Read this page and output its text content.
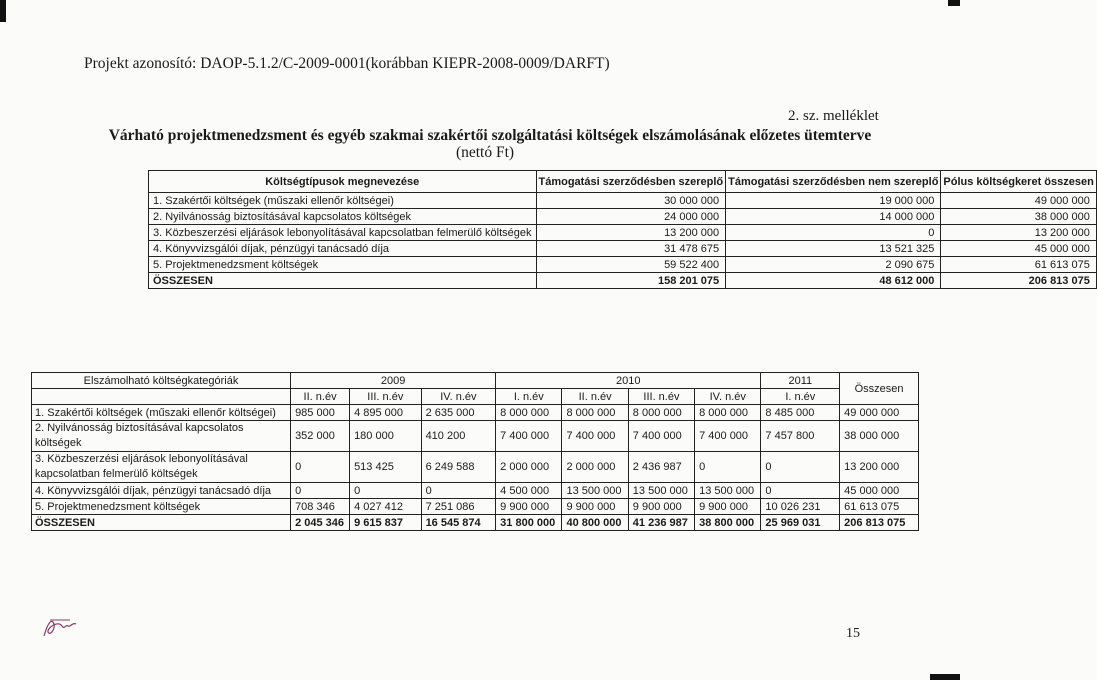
Projekt azonosító: DAOP-5.1.2/C-2009-0001(korábban KIEPR-2008-0009/DARFT)
2. sz. melléklet
Várható projektmenedzsment és egyéb szakmai szakértői szolgáltatási költségek elszámolásának előzetes ütemterve
(nettó Ft)
Költségtípusok megnevezése	Támogatási szerződésben szereplő	Támogatási szerződésben nem szereplő	Pólus költségkeret összesen
1. Szakértői költségek (műszaki ellenőr költségei)	30 000 000	19 000 000	49 000 000
2. Nyilvánosság biztosításával kapcsolatos költségek	24 000 000	14 000 000	38 000 000
3. Közbeszerzési eljárások lebonyolításával kapcsolatban felmerülő költségek	13 200 000	0	13 200 000
4. Könyvvizsgálói díjak, pénzügyi tanácsadó díja	31 478 675	13 521 325	45 000 000
5. Projektmenedzsment költségek	59 522 400	2 090 675	61 613 075
ÖSSZESEN	158 201 075	48 612 000	206 813 075
Elszámolható költségkategóriák	2009			2010				2011	Összesen
	II. n.év	III. n.év	IV. n.év	I. n.év	II. n.év	III. n.év	IV. n.év	I. n.év	
1. Szakértői költségek (műszaki ellenőr költségei)	985 000	4 895 000	2 635 000	8 000 000	8 000 000	8 000 000	8 000 000	8 485 000	49 000 000
2. Nyilvánosság biztosításával kapcsolatos költségek	352 000	180 000	410 200	7 400 000	7 400 000	7 400 000	7 400 000	7 457 800	38 000 000
3. Közbeszerzési eljárások lebonyolításával kapcsolatban felmerülő költségek	0	513 425	6 249 588	2 000 000	2 000 000	2 436 987	0	0	13 200 000
4. Könyvvizsgálói díjak, pénzügyi tanácsadó díja	0	0	0	4 500 000	13 500 000	13 500 000	13 500 000	0	45 000 000
5. Projektmenedzsment költségek	708 346	4 027 412	7 251 086	9 900 000	9 900 000	9 900 000	9 900 000	10 026 231	61 613 075
ÖSSZESEN	2 045 346	9 615 837	16 545 874	31 800 000	40 800 000	41 236 987	38 800 000	25 969 031	206 813 075
15
